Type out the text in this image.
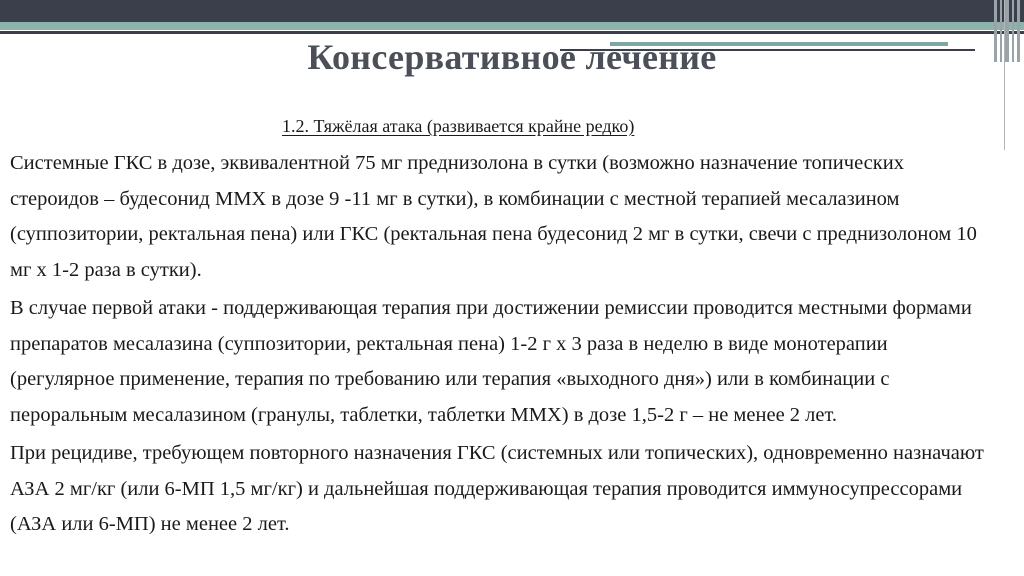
Консервативное лечение

1.2. Тяжёлая атака (развивается крайне редко)

Системные ГКС в дозе, эквивалентной 75 мг преднизолона в сутки (возможно назначение топических стероидов – будесонид ММХ в дозе 9 -11 мг в сутки), в комбинации с местной терапией месалазином (суппозитории, ректальная пена) или ГКС (ректальная пена будесонид 2 мг в сутки, свечи с преднизолоном 10 мг х 1-2 раза в сутки).
В случае первой атаки - поддерживающая терапия при достижении ремиссии проводится местными формами препаратов месалазина (суппозитории, ректальная пена) 1-2 г х 3 раза в неделю в виде монотерапии (регулярное применение, терапия по требованию или терапия «выходного дня») или в комбинации с пероральным месалазином (гранулы, таблетки, таблетки ММХ) в дозе 1,5-2 г – не менее 2 лет.
При рецидиве, требующем повторного назначения ГКС (системных или топических), одновременно назначают АЗА 2 мг/кг (или 6-МП 1,5 мг/кг) и дальнейшая поддерживающая терапия проводится иммуносупрессорами (АЗА или 6-МП) не менее 2 лет.
